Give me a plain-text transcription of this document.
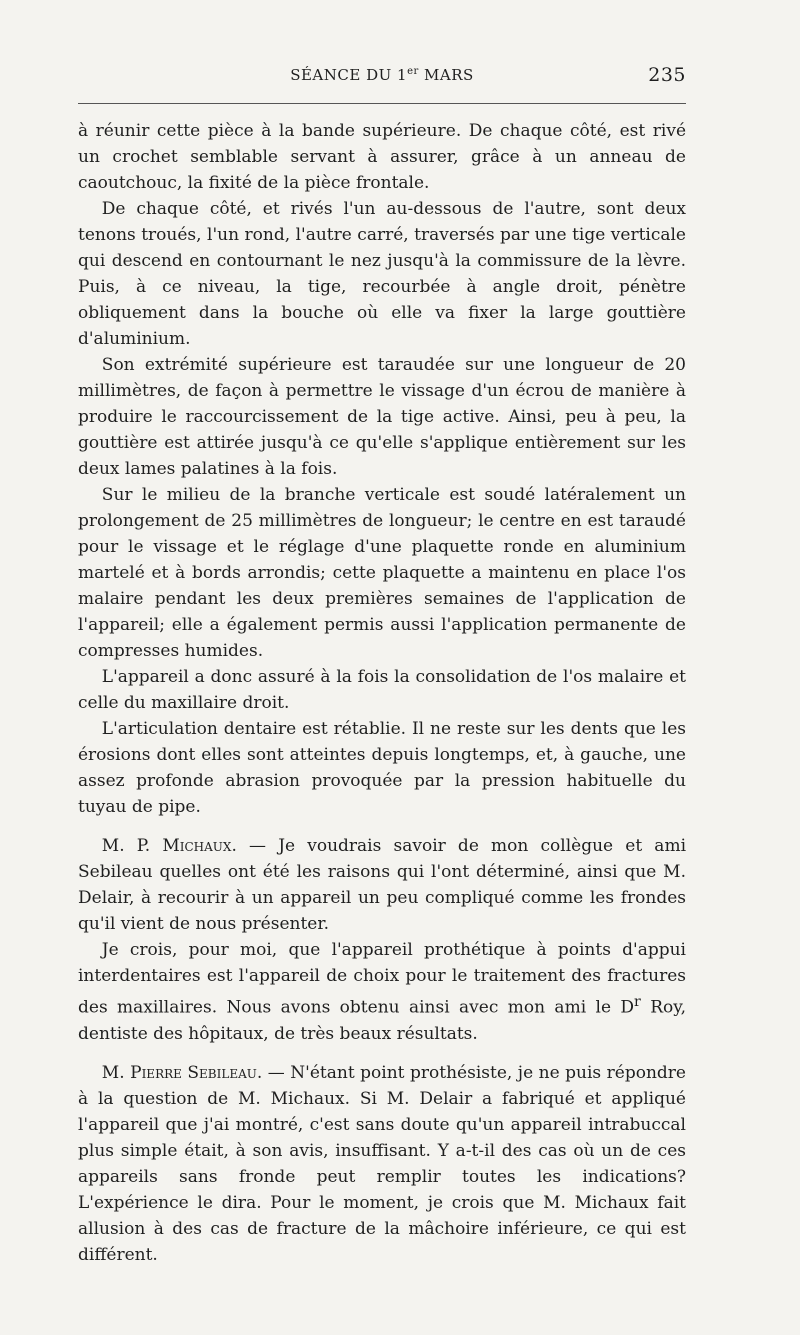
SÉANCE DU 1er MARS	235

à réunir cette pièce à la bande supérieure. De chaque côté, est rivé un crochet semblable servant à assurer, grâce à un anneau de caoutchouc, la fixité de la pièce frontale.

De chaque côté, et rivés l'un au-dessous de l'autre, sont deux tenons troués, l'un rond, l'autre carré, traversés par une tige verticale qui descend en contournant le nez jusqu'à la commissure de la lèvre. Puis, à ce niveau, la tige, recourbée à angle droit, pénètre obliquement dans la bouche où elle va fixer la large gouttière d'aluminium.

Son extrémité supérieure est taraudée sur une longueur de 20 millimètres, de façon à permettre le vissage d'un écrou de manière à produire le raccourcissement de la tige active. Ainsi, peu à peu, la gouttière est attirée jusqu'à ce qu'elle s'applique entièrement sur les deux lames palatines à la fois.

Sur le milieu de la branche verticale est soudé latéralement un prolongement de 25 millimètres de longueur; le centre en est taraudé pour le vissage et le réglage d'une plaquette ronde en aluminium martelé et à bords arrondis; cette plaquette a maintenu en place l'os malaire pendant les deux premières semaines de l'application de l'appareil; elle a également permis aussi l'application permanente de compresses humides.

L'appareil a donc assuré à la fois la consolidation de l'os malaire et celle du maxillaire droit.

L'articulation dentaire est rétablie. Il ne reste sur les dents que les érosions dont elles sont atteintes depuis longtemps, et, à gauche, une assez profonde abrasion provoquée par la pression habituelle du tuyau de pipe.

M. P. Michaux. — Je voudrais savoir de mon collègue et ami Sebileau quelles ont été les raisons qui l'ont déterminé, ainsi que M. Delair, à recourir à un appareil un peu compliqué comme les frondes qu'il vient de nous présenter.

Je crois, pour moi, que l'appareil prothétique à points d'appui interdentaires est l'appareil de choix pour le traitement des fractures des maxillaires. Nous avons obtenu ainsi avec mon ami le $D^r$ Roy, dentiste des hôpitaux, de très beaux résultats.

M. Pierre Sebileau. — N'étant point prothésiste, je ne puis répondre à la question de M. Michaux. Si M. Delair a fabriqué et appliqué l'appareil que j'ai montré, c'est sans doute qu'un appareil intrabuccal plus simple était, à son avis, insuffisant. Y a-t-il des cas où un de ces appareils sans fronde peut remplir toutes les indications? L'expérience le dira. Pour le moment, je crois que M. Michaux fait allusion à des cas de fracture de la mâchoire inférieure, ce qui est différent.
